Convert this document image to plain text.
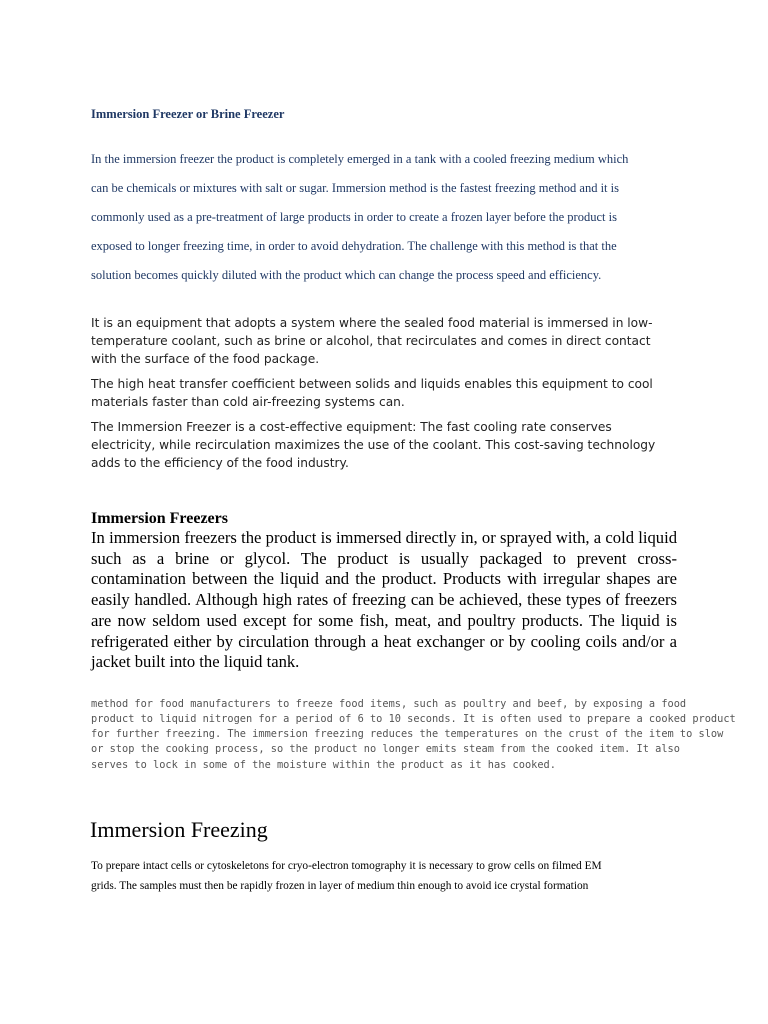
Immersion Freezer or Brine Freezer
In the immersion freezer the product is completely emerged in a tank with a cooled freezing medium which
can be chemicals or mixtures with salt or sugar. Immersion method is the fastest freezing method and it is
commonly used as a pre-treatment of large products in order to create a frozen layer before the product is
exposed to longer freezing time, in order to avoid dehydration. The challenge with this method is that the
solution becomes quickly diluted with the product which can change the process speed and efficiency.
It is an equipment that adopts a system where the sealed food material is immersed in low-
temperature coolant, such as brine or alcohol, that recirculates and comes in direct contact
with the surface of the food package.
The high heat transfer coefficient between solids and liquids enables this equipment to cool
materials faster than cold air-freezing systems can.
The Immersion Freezer is a cost-effective equipment: The fast cooling rate conserves
electricity, while recirculation maximizes the use of the coolant. This cost-saving technology
adds to the efficiency of the food industry.
Immersion Freezers

In immersion freezers the product is immersed directly in, or sprayed with, a cold liquid such as a brine or glycol. The product is usually packaged to prevent cross-contamination between the liquid and the product. Products with irregular shapes are easily handled. Although high rates of freezing can be achieved, these types of freezers are now seldom used except for some fish, meat, and poultry products. The liquid is refrigerated either by circulation through a heat exchanger or by cooling coils and/or a jacket built into the liquid tank.

method for food manufacturers to freeze food items, such as poultry and beef, by exposing a food
product to liquid nitrogen for a period of 6 to 10 seconds. It is often used to prepare a cooked product
for further freezing. The immersion freezing reduces the temperatures on the crust of the item to slow
or stop the cooking process, so the product no longer emits steam from the cooked item. It also
serves to lock in some of the moisture within the product as it has cooked.
Immersion Freezing
To prepare intact cells or cytoskeletons for cryo-electron tomography it is necessary to grow cells on filmed EM
grids. The samples must then be rapidly frozen in layer of medium thin enough to avoid ice crystal formation
